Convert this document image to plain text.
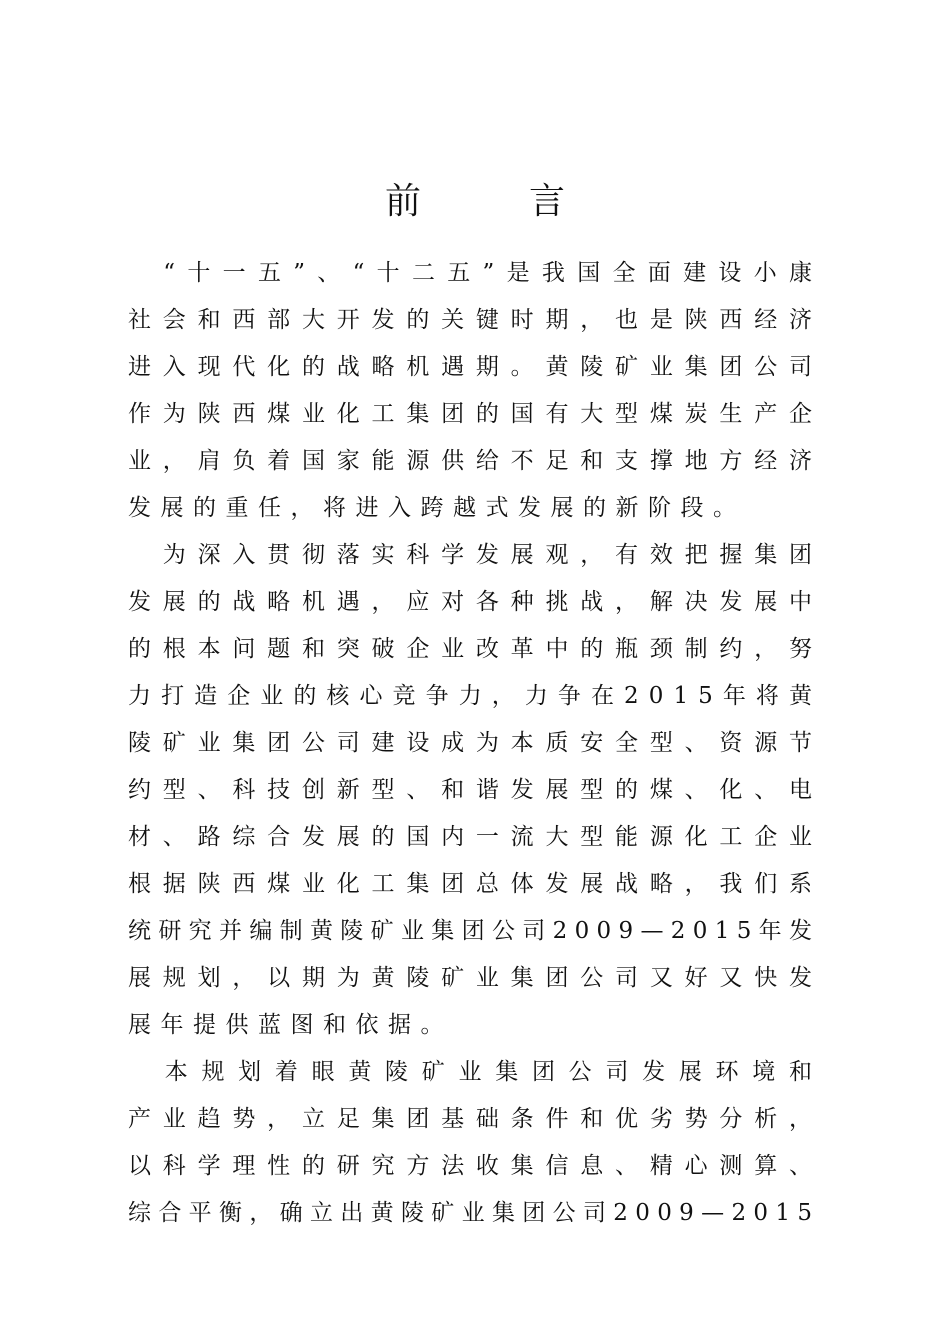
前　　　言
　“十一五”、“十二五”是我国全面建设小康
社会和西部大开发的关键时期，也是陕西经济
进入现代化的战略机遇期。黄陵矿业集团公司
作为陕西煤业化工集团的国有大型煤炭生产企
业，肩负着国家能源供给不足和支撑地方经济
发展的重任，将进入跨越式发展的新阶段。
　为深入贯彻落实科学发展观，有效把握集团
发展的战略机遇，应对各种挑战，解决发展中
的根本问题和突破企业改革中的瓶颈制约，努
力打造企业的核心竞争力，力争在2015年将黄
陵矿业集团公司建设成为本质安全型、资源节
约型、科技创新型、和谐发展型的煤、化、电
材、路综合发展的国内一流大型能源化工企业
根据陕西煤业化工集团总体发展战略，我们系
统研究并编制黄陵矿业集团公司2009—2015年发
展规划，以期为黄陵矿业集团公司又好又快发
展年提供蓝图和依据。
　本规划着眼黄陵矿业集团公司发展环境和
产业趋势，立足集团基础条件和优劣势分析，
以科学理性的研究方法收集信息、精心测算、
综合平衡，确立出黄陵矿业集团公司2009—2015
